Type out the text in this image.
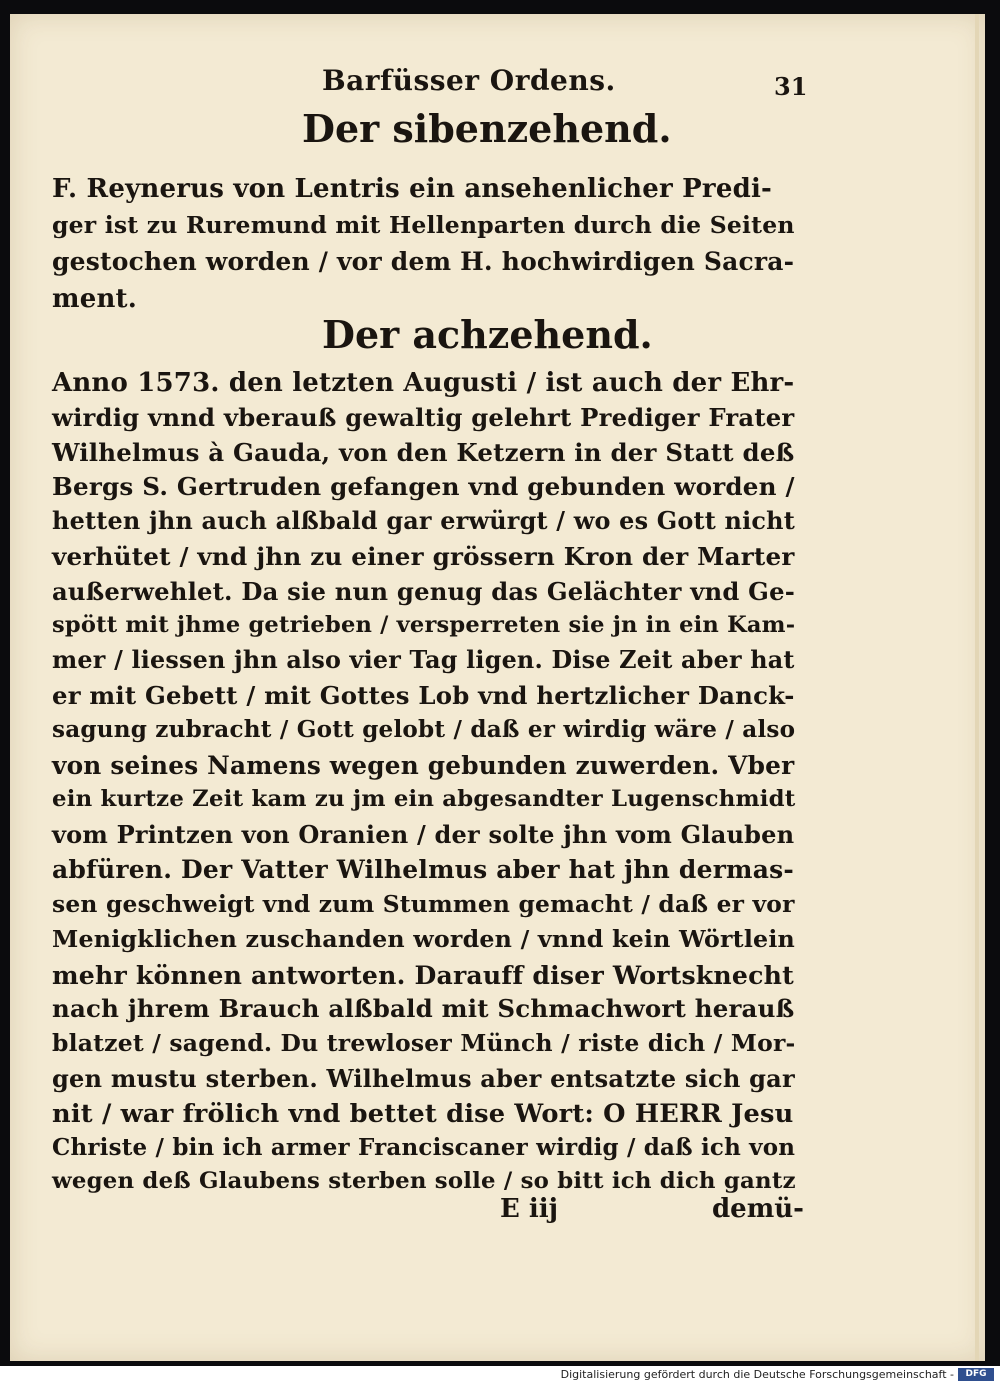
Barfüsser Ordens.	31
Der sibenzehend.
F. Reynerus von Lentris ein ansehenlicher Predi-
ger ist zu Ruremund mit Hellenparten durch die Seiten
gestochen worden / vor dem H. hochwirdigen Sacra-
ment.
Der achzehend.
Anno 1573. den letzten Augusti / ist auch der Ehr-
wirdig vnnd vberauß gewaltig gelehrt Prediger Frater
Wilhelmus à Gauda, von den Ketzern in der Statt deß
Bergs S. Gertruden gefangen vnd gebunden worden /
hetten jhn auch alßbald gar erwürgt / wo es Gott nicht
verhütet / vnd jhn zu einer grössern Kron der Marter
außerwehlet. Da sie nun genug das Gelächter vnd Ge-
spött mit jhme getrieben / versperreten sie jn in ein Kam-
mer / liessen jhn also vier Tag ligen. Dise Zeit aber hat
er mit Gebett / mit Gottes Lob vnd hertzlicher Danck-
sagung zubracht / Gott gelobt / daß er wirdig wäre / also
von seines Namens wegen gebunden zuwerden. Vber
ein kurtze Zeit kam zu jm ein abgesandter Lugenschmidt
vom Printzen von Oranien / der solte jhn vom Glauben
abfüren. Der Vatter Wilhelmus aber hat jhn dermas-
sen geschweigt vnd zum Stummen gemacht / daß er vor
Menigklichen zuschanden worden / vnnd kein Wörtlein
mehr können antworten. Darauff diser Wortsknecht
nach jhrem Brauch alßbald mit Schmachwort herauß
blatzet / sagend. Du trewloser Münch / riste dich / Mor-
gen mustu sterben. Wilhelmus aber entsatzte sich gar
nit / war frölich vnd bettet dise Wort: O HERR Jesu
Christe / bin ich armer Franciscaner wirdig / daß ich von
wegen deß Glaubens sterben solle / so bitt ich dich gantz
E iij	demü-
Digitalisierung gefördert durch die Deutsche Forschungsgemeinschaft -	DFG
